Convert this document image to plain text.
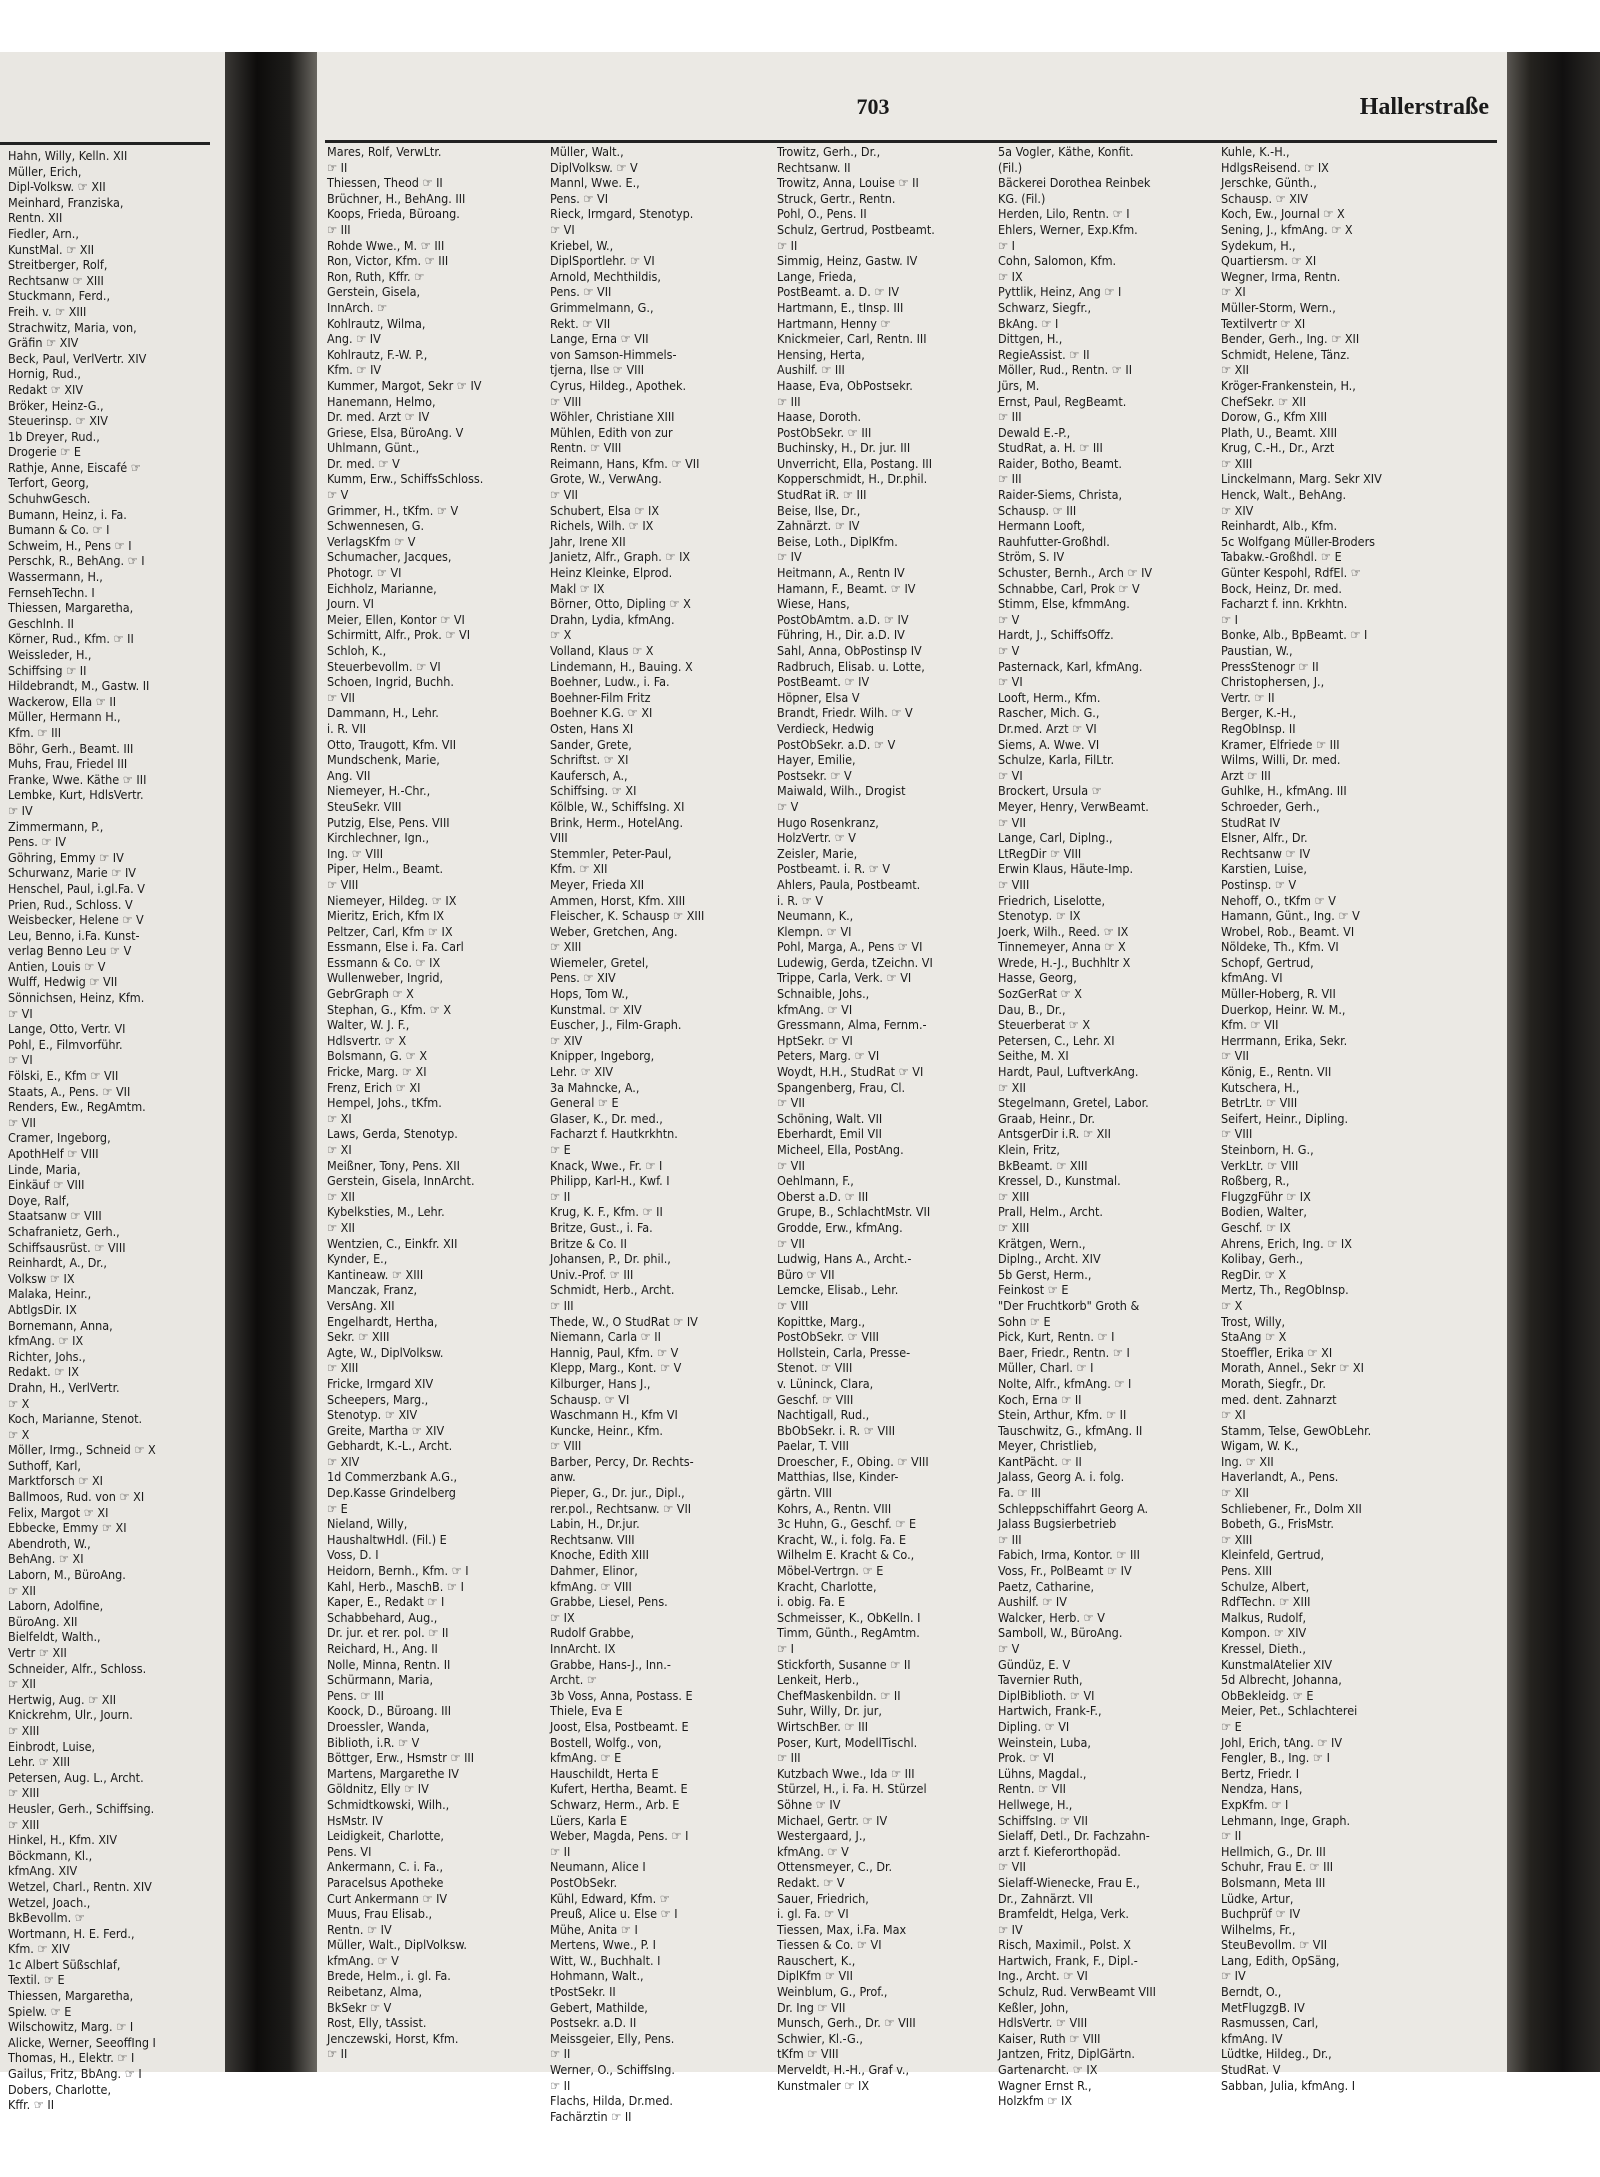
Hahn, Willy, Kelln. XII
Müller, Erich,
Dipl-Volksw. ☞ XII
Meinhard, Franziska,
Rentn. XII
Fiedler, Arn.,
KunstMal. ☞ XII
Streitberger, Rolf,
Rechtsanw ☞ XIII
Stuckmann, Ferd.,
Freih. v. ☞ XIII
Strachwitz, Maria, von,
Gräfin ☞ XIV
Beck, Paul, VerlVertr. XIV
Hornig, Rud.,
Redakt ☞ XIV
Bröker, Heinz-G.,
Steuerinsp. ☞ XIV
1b Dreyer, Rud.,
Drogerie ☞ E
Rathje, Anne, Eiscafé ☞
Terfort, Georg,
SchuhwGesch.
Bumann, Heinz, i. Fa.
Bumann & Co. ☞ I
Schweim, H., Pens ☞ I
Perschk, R., BehAng. ☞ I
Wassermann, H.,
FernsehTechn. I
Thiessen, Margaretha,
Geschlnh. II
Körner, Rud., Kfm. ☞ II
Weissleder, H.,
Schiffsing ☞ II
Hildebrandt, M., Gastw. II
Wackerow, Ella ☞ II
Müller, Hermann H.,
Kfm. ☞ III
Böhr, Gerh., Beamt. III
Muhs, Frau, Friedel III
Franke, Wwe. Käthe ☞ III
Lembke, Kurt, HdlsVertr.
☞ IV
Zimmermann, P.,
Pens. ☞ IV
Göhring, Emmy ☞ IV
Schurwanz, Marie ☞ IV
Henschel, Paul, i.gl.Fa. V
Prien, Rud., Schloss. V
Weisbecker, Helene ☞ V
Leu, Benno, i.Fa. Kunst-
verlag Benno Leu ☞ V
Antien, Louis ☞ V
Wulff, Hedwig ☞ VII
Sönnichsen, Heinz, Kfm.
☞ VI
Lange, Otto, Vertr. VI
Pohl, E., Filmvorführ.
☞ VI
Fölski, E., Kfm ☞ VII
Staats, A., Pens. ☞ VII
Renders, Ew., RegAmtm.
☞ VII
Cramer, Ingeborg,
ApothHelf ☞ VIII
Linde, Maria,
Einkäuf ☞ VIII
Doye, Ralf,
Staatsanw ☞ VIII
Schafranietz, Gerh.,
Schiffsausrüst. ☞ VIII
Reinhardt, A., Dr.,
Volksw ☞ IX
Malaka, Heinr.,
AbtlgsDir. IX
Bornemann, Anna,
kfmAng. ☞ IX
Richter, Johs.,
Redakt. ☞ IX
Drahn, H., VerlVertr.
☞ X
Koch, Marianne, Stenot.
☞ X
Möller, Irmg., Schneid ☞ X
Suthoff, Karl,
Marktforsch ☞ XI
Ballmoos, Rud. von ☞ XI
Felix, Margot ☞ XI
Ebbecke, Emmy ☞ XI
Abendroth, W.,
BehAng. ☞ XI
Laborn, M., BüroAng.
☞ XII
Laborn, Adolfine,
BüroAng. XII
Bielfeldt, Walth.,
Vertr ☞ XII
Schneider, Alfr., Schloss.
☞ XII
Hertwig, Aug. ☞ XII
Knickrehm, Ulr., Journ.
☞ XIII
Einbrodt, Luise,
Lehr. ☞ XIII
Petersen, Aug. L., Archt.
☞ XIII
Heusler, Gerh., Schiffsing.
☞ XIII
Hinkel, H., Kfm. XIV
Böckmann, Kl.,
kfmAng. XIV
Wetzel, Charl., Rentn. XIV
Wetzel, Joach.,
BkBevollm. ☞
Wortmann, H. E. Ferd.,
Kfm. ☞ XIV
1c Albert Süßschlaf,
Textil. ☞ E
Thiessen, Margaretha,
Spielw. ☞ E
Wilschowitz, Marg. ☞ I
Alicke, Werner, SeeoffIng I
Thomas, H., Elektr. ☞ I
Gailus, Fritz, BbAng. ☞ I
Dobers, Charlotte,
Kffr. ☞ II
703	Hallerstraße
Mares, Rolf, VerwLtr.
☞ II
Thiessen, Theod ☞ II
Brüchner, H., BehAng. III
Koops, Frieda, Büroang.
☞ III
Rohde Wwe., M. ☞ III
Ron, Victor, Kfm. ☞ III
Ron, Ruth, Kffr. ☞
Gerstein, Gisela,
InnArch. ☞
Kohlrautz, Wilma,
Ang. ☞ IV
Kohlrautz, F.-W. P.,
Kfm. ☞ IV
Kummer, Margot, Sekr ☞ IV
Hanemann, Helmo,
Dr. med. Arzt ☞ IV
Griese, Elsa, BüroAng. V
Uhlmann, Günt.,
Dr. med. ☞ V
Kumm, Erw., SchiffsSchloss.
☞ V
Grimmer, H., tKfm. ☞ V
Schwennesen, G.
VerlagsKfm ☞ V
Schumacher, Jacques,
Photogr. ☞ VI
Eichholz, Marianne,
Journ. VI
Meier, Ellen, Kontor ☞ VI
Schirmitt, Alfr., Prok. ☞ VI
Schloh, K.,
Steuerbevollm. ☞ VI
Schoen, Ingrid, Buchh.
☞ VII
Dammann, H., Lehr.
i. R. VII
Otto, Traugott, Kfm. VII
Mundschenk, Marie,
Ang. VII
Niemeyer, H.-Chr.,
SteuSekr. VIII
Putzig, Else, Pens. VIII
Kirchlechner, Ign.,
Ing. ☞ VIII
Piper, Helm., Beamt.
☞ VIII
Niemeyer, Hildeg. ☞ IX
Mieritz, Erich, Kfm IX
Peltzer, Carl, Kfm ☞ IX
Essmann, Else i. Fa. Carl
Essmann & Co. ☞ IX
Wullenweber, Ingrid,
GebrGraph ☞ X
Stephan, G., Kfm. ☞ X
Walter, W. J. F.,
Hdlsvertr. ☞ X
Bolsmann, G. ☞ X
Fricke, Marg. ☞ XI
Frenz, Erich ☞ XI
Hempel, Johs., tKfm.
☞ XI
Laws, Gerda, Stenotyp.
☞ XI
Meißner, Tony, Pens. XII
Gerstein, Gisela, InnArcht.
☞ XII
Kybelksties, M., Lehr.
☞ XII
Wentzien, C., Einkfr. XII
Kynder, E.,
Kantineaw. ☞ XIII
Manczak, Franz,
VersAng. XII
Engelhardt, Hertha,
Sekr. ☞ XIII
Agte, W., DiplVolksw.
☞ XIII
Fricke, Irmgard XIV
Scheepers, Marg.,
Stenotyp. ☞ XIV
Greite, Martha ☞ XIV
Gebhardt, K.-L., Archt.
☞ XIV
1d Commerzbank A.G.,
Dep.Kasse Grindelberg
☞ E
Nieland, Willy,
HaushaltwHdl. (Fil.) E
Voss, D. I
Heidorn, Bernh., Kfm. ☞ I
Kahl, Herb., MaschB. ☞ I
Kaper, E., Redakt ☞ I
Schabbehard, Aug.,
Dr. jur. et rer. pol. ☞ II
Reichard, H., Ang. II
Nolle, Minna, Rentn. II
Schürmann, Maria,
Pens. ☞ III
Koock, D., Büroang. III
Droessler, Wanda,
Biblioth, i.R. ☞ V
Böttger, Erw., Hsmstr ☞ III
Martens, Margarethe IV
Göldnitz, Elly ☞ IV
Schmidtkowski, Wilh.,
HsMstr. IV
Leidigkeit, Charlotte,
Pens. VI
Ankermann, C. i. Fa.,
Paracelsus Apotheke
Curt Ankermann ☞ IV
Muus, Frau Elisab.,
Rentn. ☞ IV
Müller, Walt., DiplVolksw.
kfmAng. ☞ V
Brede, Helm., i. gl. Fa.
Reibetanz, Alma,
BkSekr ☞ V
Rost, Elly, tAssist.
Jenczewski, Horst, Kfm.
☞ II
Müller, Walt.,
DiplVolksw. ☞ V
Mannl, Wwe. E.,
Pens. ☞ VI
Rieck, Irmgard, Stenotyp.
☞ VI
Kriebel, W.,
DiplSportlehr. ☞ VI
Arnold, Mechthildis,
Pens. ☞ VII
Grimmelmann, G.,
Rekt. ☞ VII
Lange, Erna ☞ VII
von Samson-Himmels-
tjerna, Ilse ☞ VIII
Cyrus, Hildeg., Apothek.
☞ VIII
Wöhler, Christiane XIII
Mühlen, Edith von zur
Rentn. ☞ VIII
Reimann, Hans, Kfm. ☞ VII
Grote, W., VerwAng.
☞ VII
Schubert, Elsa ☞ IX
Richels, Wilh. ☞ IX
Jahr, Irene XII
Janietz, Alfr., Graph. ☞ IX
Heinz Kleinke, Elprod.
Makl ☞ IX
Börner, Otto, Dipling ☞ X
Drahn, Lydia, kfmAng.
☞ X
Volland, Klaus ☞ X
Lindemann, H., Bauing. X
Boehner, Ludw., i. Fa.
Boehner-Film Fritz
Boehner K.G. ☞ XI
Osten, Hans XI
Sander, Grete,
Schriftst. ☞ XI
Kaufersch, A.,
Schiffsing. ☞ XI
Kölble, W., SchiffsIng. XI
Brink, Herm., HotelAng.
VIII
Stemmler, Peter-Paul,
Kfm. ☞ XII
Meyer, Frieda XII
Ammen, Horst, Kfm. XIII
Fleischer, K. Schausp ☞ XIII
Weber, Gretchen, Ang.
☞ XIII
Wiemeler, Gretel,
Pens. ☞ XIV
Hops, Tom W.,
Kunstmal. ☞ XIV
Euscher, J., Film-Graph.
☞ XIV
Knipper, Ingeborg,
Lehr. ☞ XIV
3a Mahncke, A.,
General ☞ E
Glaser, K., Dr. med.,
Facharzt f. Hautkrkhtn.
☞ E
Knack, Wwe., Fr. ☞ I
Philipp, Karl-H., Kwf. I
☞ II
Krug, K. F., Kfm. ☞ II
Britze, Gust., i. Fa.
Britze & Co. II
Johansen, P., Dr. phil.,
Univ.-Prof. ☞ III
Schmidt, Herb., Archt.
☞ III
Thede, W., O StudRat ☞ IV
Niemann, Carla ☞ II
Hannig, Paul, Kfm. ☞ V
Klepp, Marg., Kont. ☞ V
Kilburger, Hans J.,
Schausp. ☞ VI
Waschmann H., Kfm VI
Kuncke, Heinr., Kfm.
☞ VIII
Barber, Percy, Dr. Rechts-
anw.
Pieper, G., Dr. jur., Dipl.,
rer.pol., Rechtsanw. ☞ VII
Labin, H., Dr.jur.
Rechtsanw. VIII
Knoche, Edith XIII
Dahmer, Elinor,
kfmAng. ☞ VIII
Grabbe, Liesel, Pens.
☞ IX
Rudolf Grabbe,
InnArcht. IX
Grabbe, Hans-J., Inn.-
Archt. ☞
3b Voss, Anna, Postass. E
Thiele, Eva E
Joost, Elsa, Postbeamt. E
Bostell, Wolfg., von,
kfmAng. ☞ E
Hauschildt, Herta E
Kufert, Hertha, Beamt. E
Schwarz, Herm., Arb. E
Lüers, Karla E
Weber, Magda, Pens. ☞ I
☞ II
Neumann, Alice I
PostObSekr.
Kühl, Edward, Kfm. ☞
Preuß, Alice u. Else ☞ I
Mühe, Anita ☞ I
Mertens, Wwe., P. I
Witt, W., Buchhalt. I
Hohmann, Walt.,
tPostSekr. II
Gebert, Mathilde,
Postsekr. a.D. II
Meissgeier, Elly, Pens.
☞ II
Werner, O., SchiffsIng.
☞ II
Flachs, Hilda, Dr.med.
Fachärztin ☞ II
Trowitz, Gerh., Dr.,
Rechtsanw. II
Trowitz, Anna, Louise ☞ II
Struck, Gertr., Rentn.
Pohl, O., Pens. II
Schulz, Gertrud, Postbeamt.
☞ II
Simmig, Heinz, Gastw. IV
Lange, Frieda,
PostBeamt. a. D. ☞ IV
Hartmann, E., tInsp. III
Hartmann, Henny ☞
Knickmeier, Carl, Rentn. III
Hensing, Herta,
Aushilf. ☞ III
Haase, Eva, ObPostsekr.
☞ III
Haase, Doroth.
PostObSekr. ☞ III
Buchinsky, H., Dr. jur. III
Unverricht, Ella, Postang. III
Kopperschmidt, H., Dr.phil.
StudRat iR. ☞ III
Beise, Ilse, Dr.,
Zahnärzt. ☞ IV
Beise, Loth., DiplKfm.
☞ IV
Heitmann, A., Rentn IV
Hamann, F., Beamt. ☞ IV
Wiese, Hans,
PostObAmtm. a.D. ☞ IV
Führing, H., Dir. a.D. IV
Sahl, Anna, ObPostinsp IV
Radbruch, Elisab. u. Lotte,
PostBeamt. ☞ IV
Höpner, Elsa V
Brandt, Friedr. Wilh. ☞ V
Verdieck, Hedwig
PostObSekr. a.D. ☞ V
Hayer, Emilie,
Postsekr. ☞ V
Maiwald, Wilh., Drogist
☞ V
Hugo Rosenkranz,
HolzVertr. ☞ V
Zeisler, Marie,
Postbeamt. i. R. ☞ V
Ahlers, Paula, Postbeamt.
i. R. ☞ V
Neumann, K.,
Klempn. ☞ VI
Pohl, Marga, A., Pens ☞ VI
Ludewig, Gerda, tZeichn. VI
Trippe, Carla, Verk. ☞ VI
Schnaible, Johs.,
kfmAng. ☞ VI
Gressmann, Alma, Fernm.-
HptSekr. ☞ VI
Peters, Marg. ☞ VI
Woydt, H.H., StudRat ☞ VI
Spangenberg, Frau, Cl.
☞ VII
Schöning, Walt. VII
Eberhardt, Emil VII
Micheel, Ella, PostAng.
☞ VII
Oehlmann, F.,
Oberst a.D. ☞ III
Grupe, B., SchlachtMstr. VII
Grodde, Erw., kfmAng.
☞ VII
Ludwig, Hans A., Archt.-
Büro ☞ VII
Lemcke, Elisab., Lehr.
☞ VIII
Kopittke, Marg.,
PostObSekr. ☞ VIII
Hollstein, Carla, Presse-
Stenot. ☞ VIII
v. Lüninck, Clara,
Geschf. ☞ VIII
Nachtigall, Rud.,
BbObSekr. i. R. ☞ VIII
Paelar, T. VIII
Droescher, F., Obing. ☞ VIII
Matthias, Ilse, Kinder-
gärtn. VIII
Kohrs, A., Rentn. VIII
3c Huhn, G., Geschf. ☞ E
Kracht, W., i. folg. Fa. E
Wilhelm E. Kracht & Co.,
Möbel-Vertrgn. ☞ E
Kracht, Charlotte,
i. obig. Fa. E
Schmeisser, K., ObKelln. I
Timm, Günth., RegAmtm.
☞ I
Stickforth, Susanne ☞ II
Lenkeit, Herb.,
ChefMaskenbildn. ☞ II
Suhr, Willy, Dr. jur,
WirtschBer. ☞ III
Poser, Kurt, ModellTischl.
☞ III
Kutzbach Wwe., Ida ☞ III
Stürzel, H., i. Fa. H. Stürzel
Söhne ☞ IV
Michael, Gertr. ☞ IV
Westergaard, J.,
kfmAng. ☞ V
Ottensmeyer, C., Dr.
Redakt. ☞ V
Sauer, Friedrich,
i. gl. Fa. ☞ VI
Tiessen, Max, i.Fa. Max
Tiessen & Co. ☞ VI
Rauschert, K.,
DiplKfm ☞ VII
Weinblum, G., Prof.,
Dr. Ing ☞ VII
Munsch, Gerh., Dr. ☞ VIII
Schwier, Kl.-G.,
tKfm ☞ VIII
Merveldt, H.-H., Graf v.,
Kunstmaler ☞ IX
5a Vogler, Käthe, Konfit.
(Fil.)
Bäckerei Dorothea Reinbek
KG. (Fil.)
Herden, Lilo, Rentn. ☞ I
Ehlers, Werner, Exp.Kfm.
☞ I
Cohn, Salomon, Kfm.
☞ IX
Pyttlik, Heinz, Ang ☞ I
Schwarz, Siegfr.,
BkAng. ☞ I
Dittgen, H.,
RegieAssist. ☞ II
Möller, Rud., Rentn. ☞ II
Jürs, M.
Ernst, Paul, RegBeamt.
☞ III
Dewald E.-P.,
StudRat, a. H. ☞ III
Raider, Botho, Beamt.
☞ III
Raider-Siems, Christa,
Schausp. ☞ III
Hermann Looft,
Rauhfutter-Großhdl.
Ström, S. IV
Schuster, Bernh., Arch ☞ IV
Schnabbe, Carl, Prok ☞ V
Stimm, Else, kfmmAng.
☞ V
Hardt, J., SchiffsOffz.
☞ V
Pasternack, Karl, kfmAng.
☞ VI
Looft, Herm., Kfm.
Rascher, Mich. G.,
Dr.med. Arzt ☞ VI
Siems, A. Wwe. VI
Schulze, Karla, FilLtr.
☞ VI
Brockert, Ursula ☞
Meyer, Henry, VerwBeamt.
☞ VII
Lange, Carl, Diplng.,
LtRegDir ☞ VIII
Erwin Klaus, Häute-Imp.
☞ VIII
Friedrich, Liselotte,
Stenotyp. ☞ IX
Joerk, Wilh., Reed. ☞ IX
Tinnemeyer, Anna ☞ X
Wrede, H.-J., Buchhltr X
Hasse, Georg,
SozGerRat ☞ X
Dau, B., Dr.,
Steuerberat ☞ X
Petersen, C., Lehr. XI
Seithe, M. XI
Hardt, Paul, LuftverkAng.
☞ XII
Stegelmann, Gretel, Labor.
Graab, Heinr., Dr.
AntsgerDir i.R. ☞ XII
Klein, Fritz,
BkBeamt. ☞ XIII
Kressel, D., Kunstmal.
☞ XIII
Prall, Helm., Archt.
☞ XIII
Krätgen, Wern.,
Diplng., Archt. XIV
5b Gerst, Herm.,
Feinkost ☞ E
"Der Fruchtkorb" Groth &
Sohn ☞ E
Pick, Kurt, Rentn. ☞ I
Baer, Friedr., Rentn. ☞ I
Müller, Charl. ☞ I
Nolte, Alfr., kfmAng. ☞ I
Koch, Erna ☞ II
Stein, Arthur, Kfm. ☞ II
Tauschwitz, G., kfmAng. II
Meyer, Christlieb,
KantPächt. ☞ II
Jalass, Georg A. i. folg.
Fa. ☞ III
Schleppschiffahrt Georg A.
Jalass Bugsierbetrieb
☞ III
Fabich, Irma, Kontor. ☞ III
Voss, Fr., PolBeamt ☞ IV
Paetz, Catharine,
Aushilf. ☞ IV
Walcker, Herb. ☞ V
Samboll, W., BüroAng.
☞ V
Gündüz, E. V
Tavernier Ruth,
DiplBiblioth. ☞ VI
Hartwich, Frank-F.,
Dipling. ☞ VI
Weinstein, Luba,
Prok. ☞ VI
Lühns, Magdal.,
Rentn. ☞ VII
Hellwege, H.,
SchiffsIng. ☞ VII
Sielaff, Detl., Dr. Fachzahn-
arzt f. Kieferorthopäd.
☞ VII
Sielaff-Wienecke, Frau E.,
Dr., Zahnärzt. VII
Bramfeldt, Helga, Verk.
☞ IV
Risch, Maximil., Polst. X
Hartwich, Frank, F., Dipl.-
Ing., Archt. ☞ VI
Schulz, Rud. VerwBeamt VIII
Keßler, John,
HdlsVertr. ☞ VIII
Kaiser, Ruth ☞ VIII
Jantzen, Fritz, DiplGärtn.
Gartenarcht. ☞ IX
Wagner Ernst R.,
Holzkfm ☞ IX
Kuhle, K.-H.,
HdlgsReisend. ☞ IX
Jerschke, Günth.,
Schausp. ☞ XIV
Koch, Ew., Journal ☞ X
Sening, J., kfmAng. ☞ X
Sydekum, H.,
Quartiersm. ☞ XI
Wegner, Irma, Rentn.
☞ XI
Müller-Storm, Wern.,
Textilvertr ☞ XI
Bender, Gerh., Ing. ☞ XII
Schmidt, Helene, Tänz.
☞ XII
Kröger-Frankenstein, H.,
ChefSekr. ☞ XII
Dorow, G., Kfm XIII
Plath, U., Beamt. XIII
Krug, C.-H., Dr., Arzt
☞ XIII
Linckelmann, Marg. Sekr XIV
Henck, Walt., BehAng.
☞ XIV
Reinhardt, Alb., Kfm.
5c Wolfgang Müller-Broders
Tabakw.-Großhdl. ☞ E
Günter Kespohl, RdfEl. ☞
Bock, Heinz, Dr. med.
Facharzt f. inn. Krkhtn.
☞ I
Bonke, Alb., BpBeamt. ☞ I
Paustian, W.,
PressStenogr ☞ II
Christophersen, J.,
Vertr. ☞ II
Berger, K.-H.,
RegObInsp. II
Kramer, Elfriede ☞ III
Wilms, Willi, Dr. med.
Arzt ☞ III
Guhlke, H., kfmAng. III
Schroeder, Gerh.,
StudRat IV
Elsner, Alfr., Dr.
Rechtsanw ☞ IV
Karstien, Luise,
Postinsp. ☞ V
Nehoff, O., tKfm ☞ V
Hamann, Günt., Ing. ☞ V
Wrobel, Rob., Beamt. VI
Nöldeke, Th., Kfm. VI
Schopf, Gertrud,
kfmAng. VI
Müller-Hoberg, R. VII
Duerkop, Heinr. W. M.,
Kfm. ☞ VII
Herrmann, Erika, Sekr.
☞ VII
König, E., Rentn. VII
Kutschera, H.,
BetrLtr. ☞ VIII
Seifert, Heinr., Dipling.
☞ VIII
Steinborn, H. G.,
VerkLtr. ☞ VIII
Roßberg, R.,
FlugzgFühr ☞ IX
Bodien, Walter,
Geschf. ☞ IX
Ahrens, Erich, Ing. ☞ IX
Kolibay, Gerh.,
RegDir. ☞ X
Mertz, Th., RegObInsp.
☞ X
Trost, Willy,
StaAng ☞ X
Stoeffler, Erika ☞ XI
Morath, Annel., Sekr ☞ XI
Morath, Siegfr., Dr.
med. dent. Zahnarzt
☞ XI
Stamm, Telse, GewObLehr.
Wigam, W. K.,
Ing. ☞ XII
Haverlandt, A., Pens.
☞ XII
Schliebener, Fr., Dolm XII
Bobeth, G., FrisMstr.
☞ XIII
Kleinfeld, Gertrud,
Pens. XIII
Schulze, Albert,
RdfTechn. ☞ XIII
Malkus, Rudolf,
Kompon. ☞ XIV
Kressel, Dieth.,
KunstmalAtelier XIV
5d Albrecht, Johanna,
ObBekleidg. ☞ E
Meier, Pet., Schlachterei
☞ E
Johl, Erich, tAng. ☞ IV
Fengler, B., Ing. ☞ I
Bertz, Friedr. I
Nendza, Hans,
ExpKfm. ☞ I
Lehmann, Inge, Graph.
☞ II
Hellmich, G., Dr. III
Schuhr, Frau E. ☞ III
Bolsmann, Meta III
Lüdke, Artur,
Buchprüf ☞ IV
Wilhelms, Fr.,
SteuBevollm. ☞ VII
Lang, Edith, OpSäng,
☞ IV
Berndt, O.,
MetFlugzgB. IV
Rasmussen, Carl,
kfmAng. IV
Lüdtke, Hildeg., Dr.,
StudRat. V
Sabban, Julia, kfmAng. I
